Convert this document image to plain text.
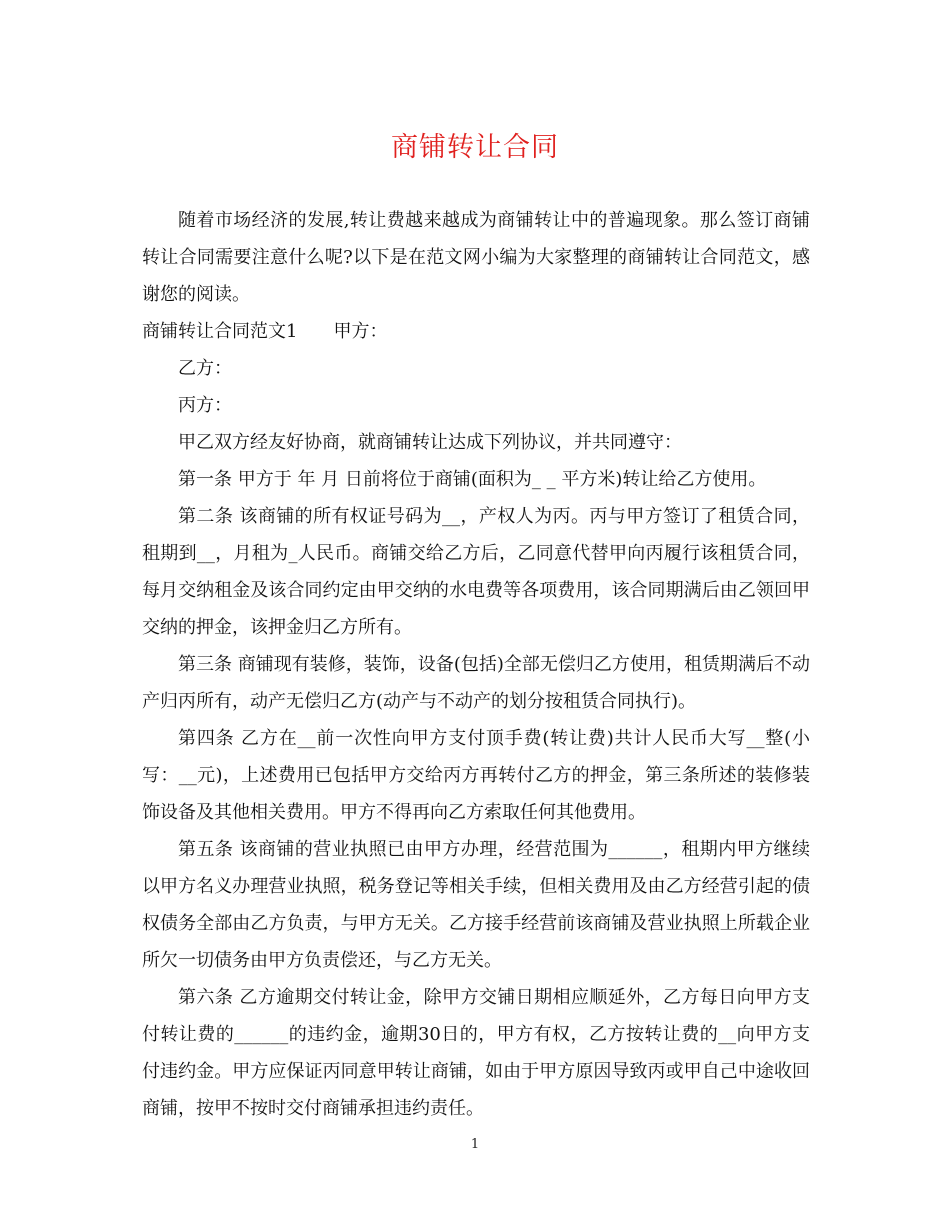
商铺转让合同

随着市场经济的发展,转让费越来越成为商铺转让中的普遍现象。那么签订商铺转让合同需要注意什么呢?以下是在范文网小编为大家整理的商铺转让合同范文，感谢您的阅读。

商铺转让合同范文1　　甲方：

乙方：

丙方：

甲乙双方经友好协商，就商铺转让达成下列协议，并共同遵守：

第一条 甲方于 年 月 日前将位于商铺(面积为_ _ 平方米)转让给乙方使用。

第二条 该商铺的所有权证号码为__，产权人为丙。丙与甲方签订了租赁合同，租期到__，月租为_人民币。商铺交给乙方后，乙同意代替甲向丙履行该租赁合同，每月交纳租金及该合同约定由甲交纳的水电费等各项费用，该合同期满后由乙领回甲交纳的押金，该押金归乙方所有。

第三条 商铺现有装修，装饰，设备(包括)全部无偿归乙方使用，租赁期满后不动产归丙所有，动产无偿归乙方(动产与不动产的划分按租赁合同执行)。

第四条 乙方在__前一次性向甲方支付顶手费(转让费)共计人民币大写__整(小写：__元)，上述费用已包括甲方交给丙方再转付乙方的押金，第三条所述的装修装饰设备及其他相关费用。甲方不得再向乙方索取任何其他费用。

第五条 该商铺的营业执照已由甲方办理，经营范围为______，租期内甲方继续以甲方名义办理营业执照，税务登记等相关手续，但相关费用及由乙方经营引起的债权债务全部由乙方负责，与甲方无关。乙方接手经营前该商铺及营业执照上所载企业所欠一切债务由甲方负责偿还，与乙方无关。

第六条 乙方逾期交付转让金，除甲方交铺日期相应顺延外，乙方每日向甲方支付转让费的______的违约金，逾期30日的，甲方有权，乙方按转让费的__向甲方支付违约金。甲方应保证丙同意甲转让商铺，如由于甲方原因导致丙或甲自己中途收回商铺，按甲不按时交付商铺承担违约责任。

1
